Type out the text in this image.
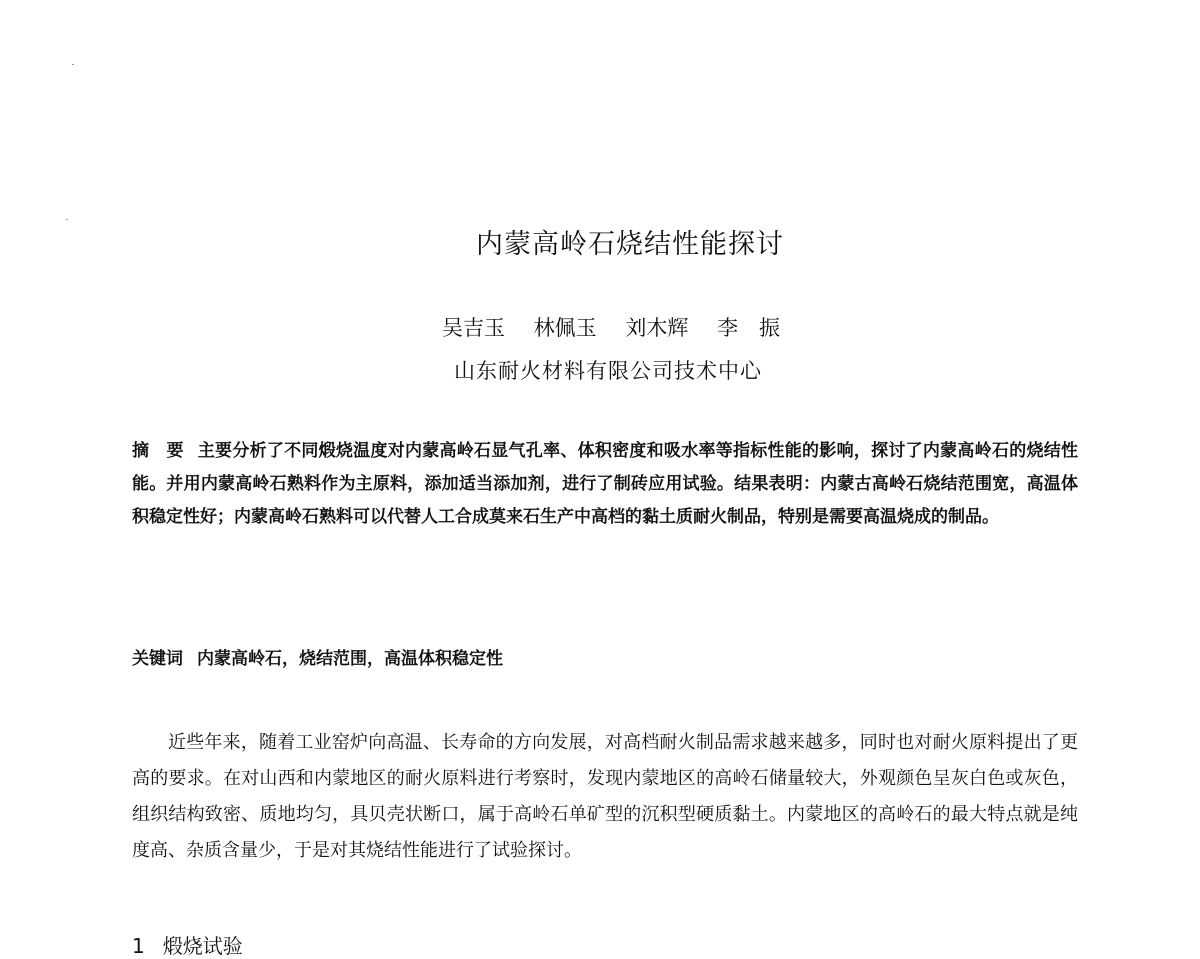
内蒙高岭石烧结性能探讨
吴吉玉 林佩玉 刘木辉 李　振
山东耐火材料有限公司技术中心
摘　要 主要分析了不同煅烧温度对内蒙高岭石显气孔率、体积密度和吸水率等指标性能的影响，探讨了内蒙高岭石的烧结性能。并用内蒙高岭石熟料作为主原料，添加适当添加剂，进行了制砖应用试验。结果表明：内蒙古高岭石烧结范围宽，高温体积稳定性好；内蒙高岭石熟料可以代替人工合成莫来石生产中高档的黏土质耐火制品，特别是需要高温烧成的制品。
关键词 内蒙高岭石，烧结范围，高温体积稳定性

近些年来，随着工业窑炉向高温、长寿命的方向发展，对高档耐火制品需求越来越多，同时也对耐火原料提出了更高的要求。在对山西和内蒙地区的耐火原料进行考察时，发现内蒙地区的高岭石储量较大，外观颜色呈灰白色或灰色，组织结构致密、质地均匀，具贝壳状断口，属于高岭石单矿型的沉积型硬质黏土。内蒙地区的高岭石的最大特点就是纯度高、杂质含量少，于是对其烧结性能进行了试验探讨。

1 煅烧试验
